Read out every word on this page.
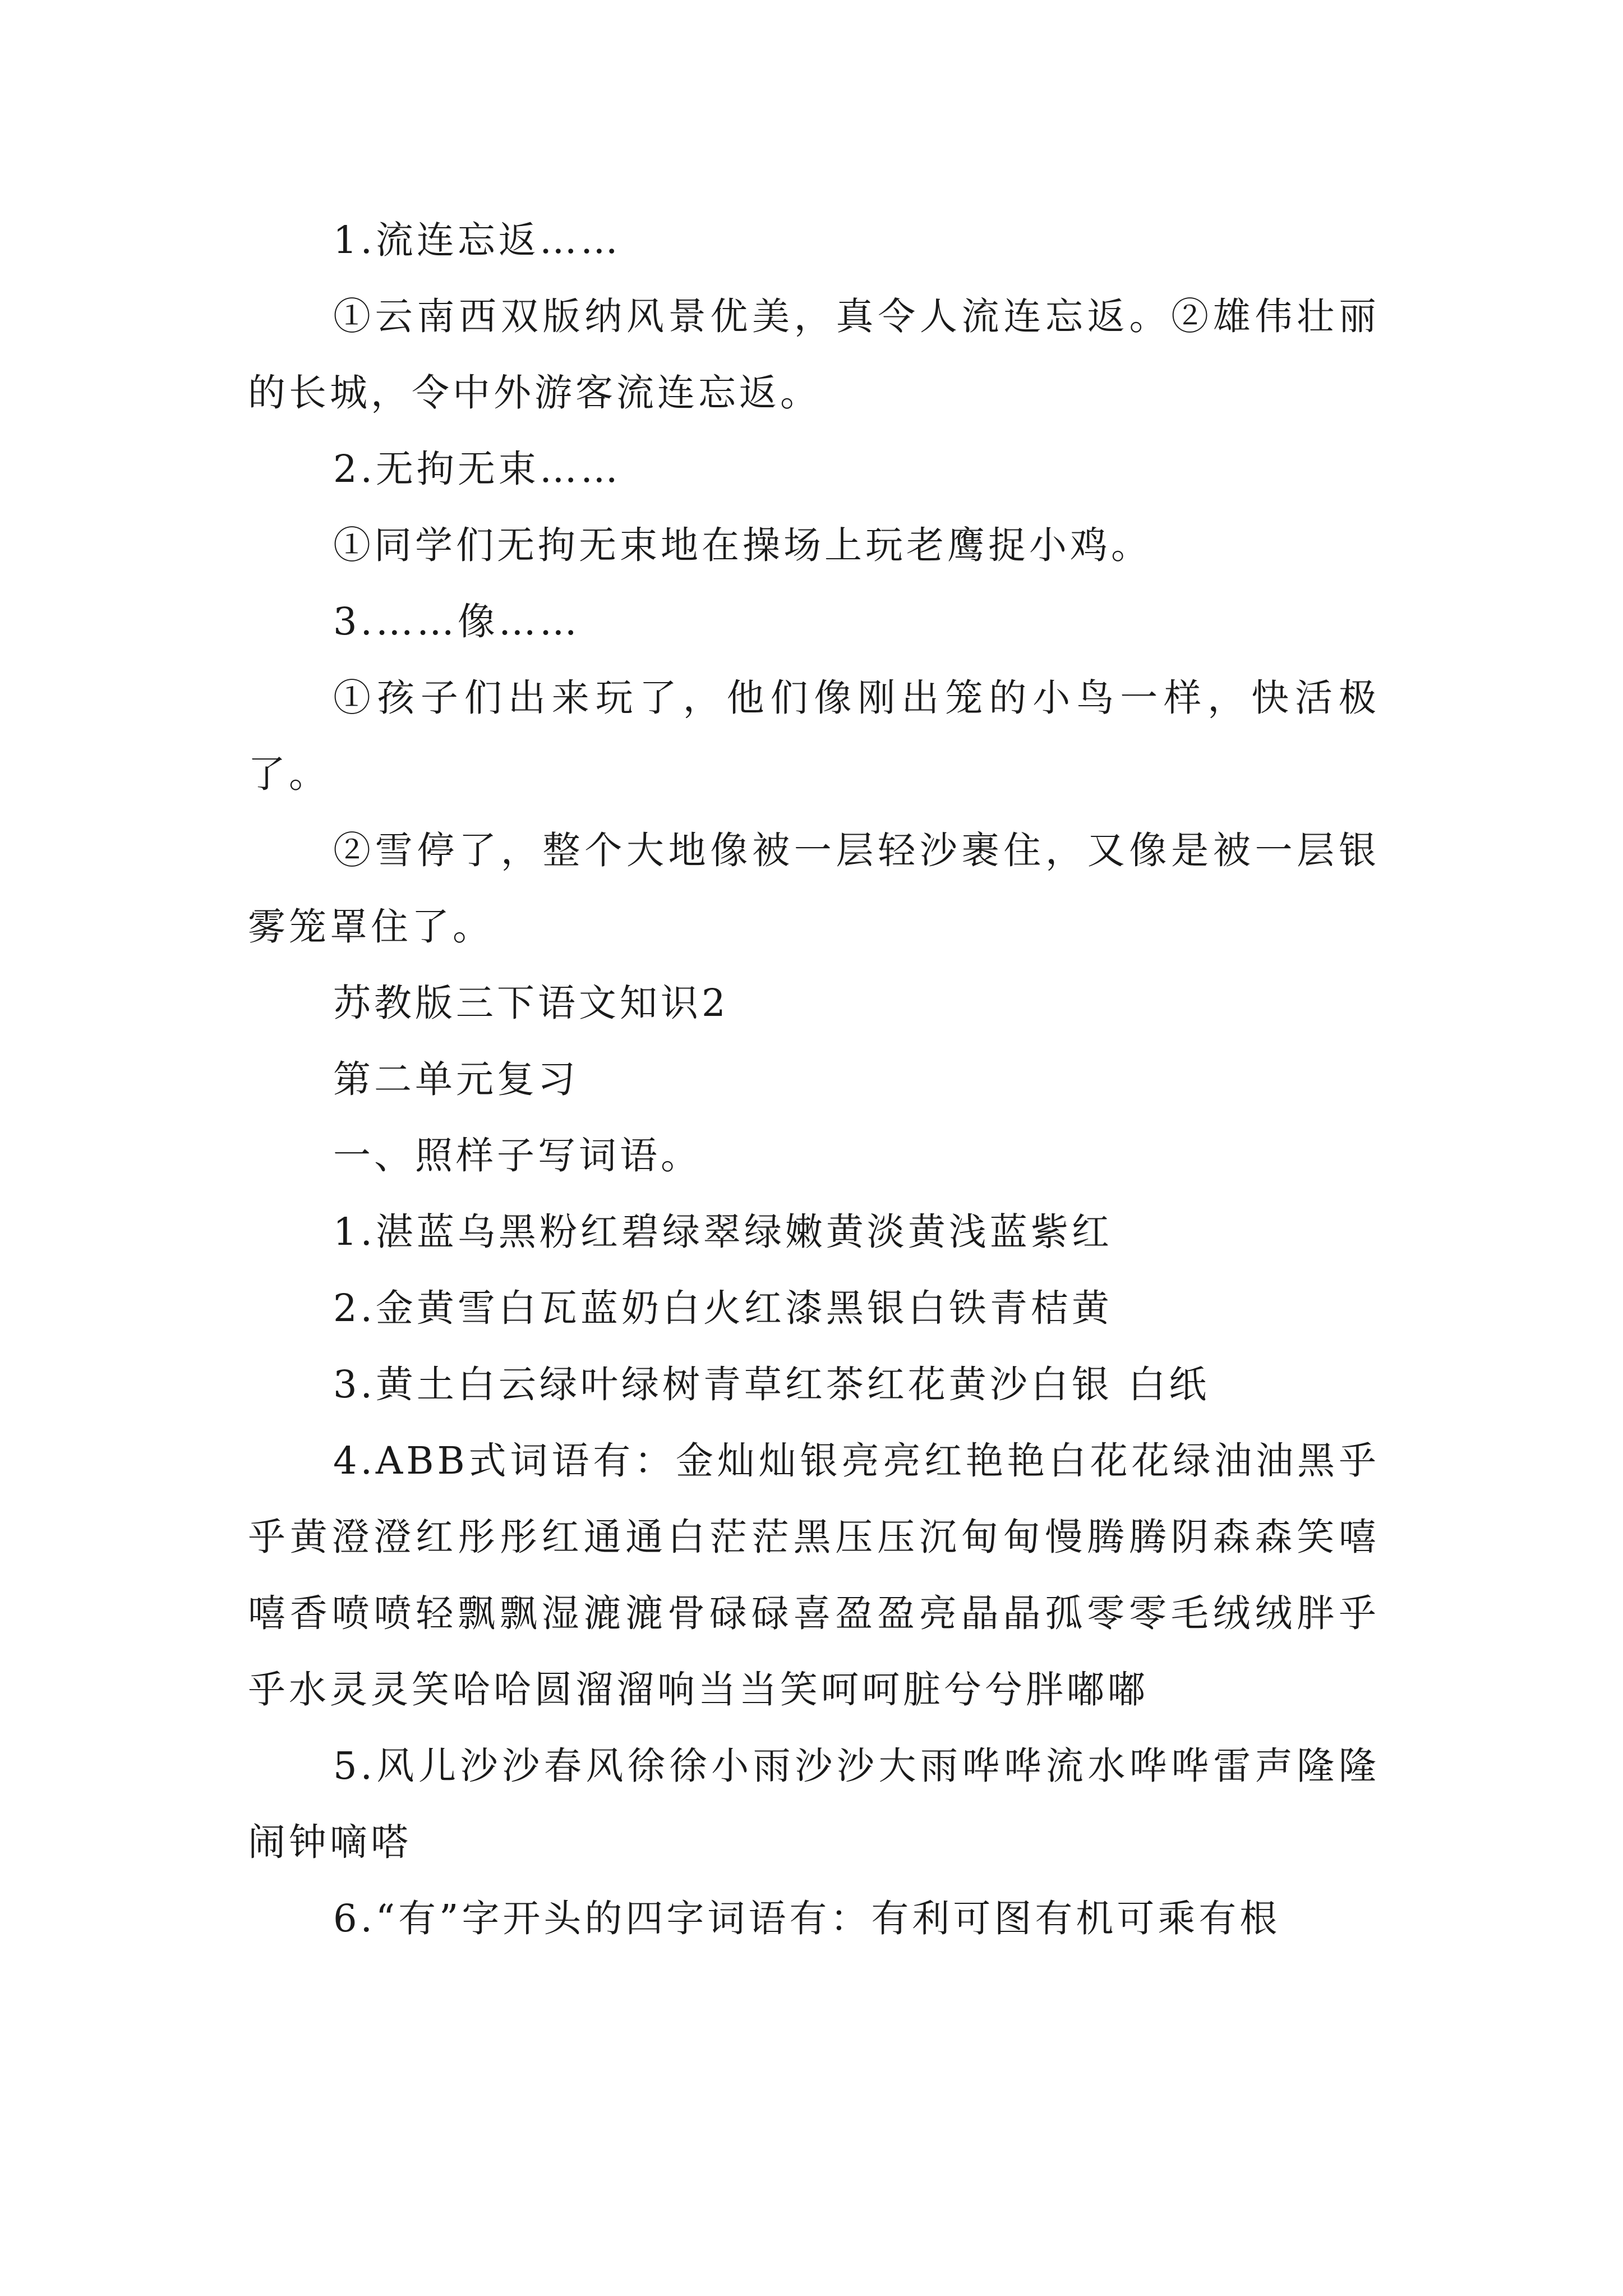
1.流连忘返……

①云南西双版纳风景优美，真令人流连忘返。②雄伟壮丽的长城，令中外游客流连忘返。

2.无拘无束……

①同学们无拘无束地在操场上玩老鹰捉小鸡。

3.……像……

①孩子们出来玩了，他们像刚出笼的小鸟一样，快活极了。

②雪停了，整个大地像被一层轻沙裹住，又像是被一层银雾笼罩住了。

苏教版三下语文知识2

第二单元复习

一、照样子写词语。

1.湛蓝乌黑粉红碧绿翠绿嫩黄淡黄浅蓝紫红

2.金黄雪白瓦蓝奶白火红漆黑银白铁青桔黄

3.黄土白云绿叶绿树青草红茶红花黄沙白银 白纸

4.ABB式词语有：金灿灿银亮亮红艳艳白花花绿油油黑乎乎黄澄澄红彤彤红通通白茫茫黑压压沉甸甸慢腾腾阴森森笑嘻嘻香喷喷轻飘飘湿漉漉骨碌碌喜盈盈亮晶晶孤零零毛绒绒胖乎乎水灵灵笑哈哈圆溜溜响当当笑呵呵脏兮兮胖嘟嘟

5.风儿沙沙春风徐徐小雨沙沙大雨哗哗流水哗哗雷声隆隆闹钟嘀嗒

6.“有”字开头的四字词语有：有利可图有机可乘有根
